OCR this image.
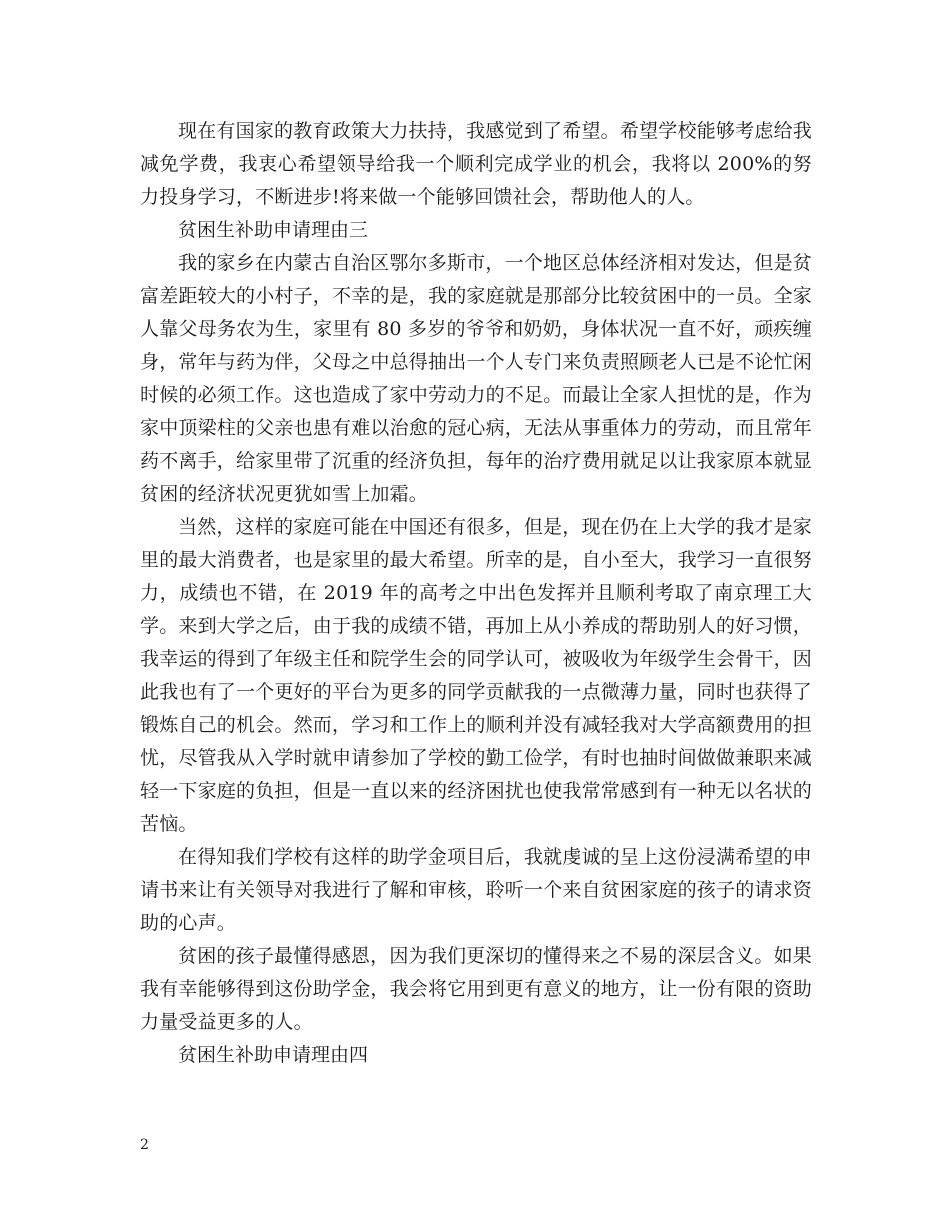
现在有国家的教育政策大力扶持，我感觉到了希望。希望学校能够考虑给我减免学费，我衷心希望领导给我一个顺利完成学业的机会，我将以 200%的努力投身学习，不断进步!将来做一个能够回馈社会，帮助他人的人。

贫困生补助申请理由三

我的家乡在内蒙古自治区鄂尔多斯市，一个地区总体经济相对发达，但是贫富差距较大的小村子，不幸的是，我的家庭就是那部分比较贫困中的一员。全家人靠父母务农为生，家里有 80 多岁的爷爷和奶奶，身体状况一直不好，顽疾缠身，常年与药为伴，父母之中总得抽出一个人专门来负责照顾老人已是不论忙闲时候的必须工作。这也造成了家中劳动力的不足。而最让全家人担忧的是，作为家中顶梁柱的父亲也患有难以治愈的冠心病，无法从事重体力的劳动，而且常年药不离手，给家里带了沉重的经济负担，每年的治疗费用就足以让我家原本就显贫困的经济状况更犹如雪上加霜。

当然，这样的家庭可能在中国还有很多，但是，现在仍在上大学的我才是家里的最大消费者，也是家里的最大希望。所幸的是，自小至大，我学习一直很努力，成绩也不错，在 2019 年的高考之中出色发挥并且顺利考取了南京理工大学。来到大学之后，由于我的成绩不错，再加上从小养成的帮助别人的好习惯，我幸运的得到了年级主任和院学生会的同学认可，被吸收为年级学生会骨干，因此我也有了一个更好的平台为更多的同学贡献我的一点微薄力量，同时也获得了锻炼自己的机会。然而，学习和工作上的顺利并没有减轻我对大学高额费用的担忧，尽管我从入学时就申请参加了学校的勤工俭学，有时也抽时间做做兼职来减轻一下家庭的负担，但是一直以来的经济困扰也使我常常感到有一种无以名状的苦恼。

在得知我们学校有这样的助学金项目后，我就虔诚的呈上这份浸满希望的申请书来让有关领导对我进行了解和审核，聆听一个来自贫困家庭的孩子的请求资助的心声。

贫困的孩子最懂得感恩，因为我们更深切的懂得来之不易的深层含义。如果我有幸能够得到这份助学金，我会将它用到更有意义的地方，让一份有限的资助力量受益更多的人。

贫困生补助申请理由四

2
